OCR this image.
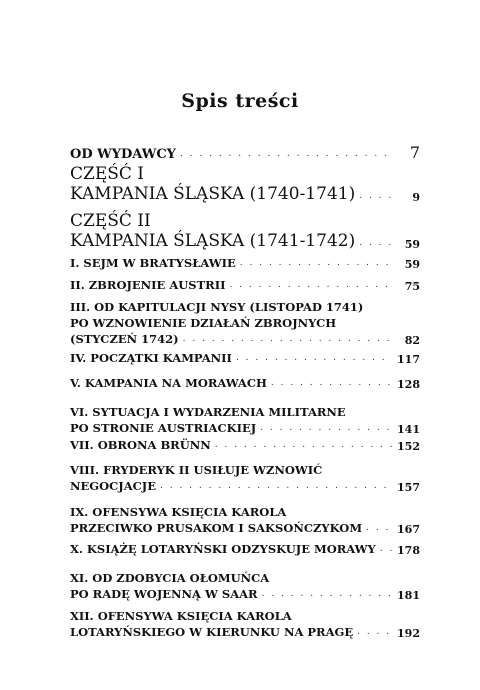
Spis treści
OD WYDAWCY . . .	7
CZĘŚĆ I
KAMPANIA ŚLĄSKA (1740-1741) . . .	9
CZĘŚĆ II
KAMPANIA ŚLĄSKA (1741-1742) . . .	59
I. SEJM W BRATYSŁAWIE . . .	59
II. ZBROJENIE AUSTRII . . .	75
III. OD KAPITULACJI NYSY (LISTOPAD 1741)
PO WZNOWIENIE DZIAŁAŃ ZBROJNYCH
(STYCZEŃ 1742) . . .	82
IV. POCZĄTKI KAMPANII . . .	117
V. KAMPANIA NA MORAWACH . . .	128
VI. SYTUACJA I WYDARZENIA MILITARNE
PO STRONIE AUSTRIACKIEJ . . .	141
VII. OBRONA BRÜNN . . .	152
VIII. FRYDERYK II USIŁUJE WZNOWIĆ
NEGOCJACJE . . .	157
IX. OFENSYWA KSIĘCIA KAROLA
PRZECIWKO PRUSAKOM I SAKSOŃCZYKOM . . .	167
X. KSIĄŻĘ LOTARYŃSKI ODZYSKUJE MORAWY . . . 178
XI. OD ZDOBYCIA OŁOMUŃCA
PO RADĘ WOJENNĄ W SAAR . . .	181
XII. OFENSYWA KSIĘCIA KAROLA
LOTARYŃSKIEGO W KIERUNKU NA PRAGĘ . . .	192
